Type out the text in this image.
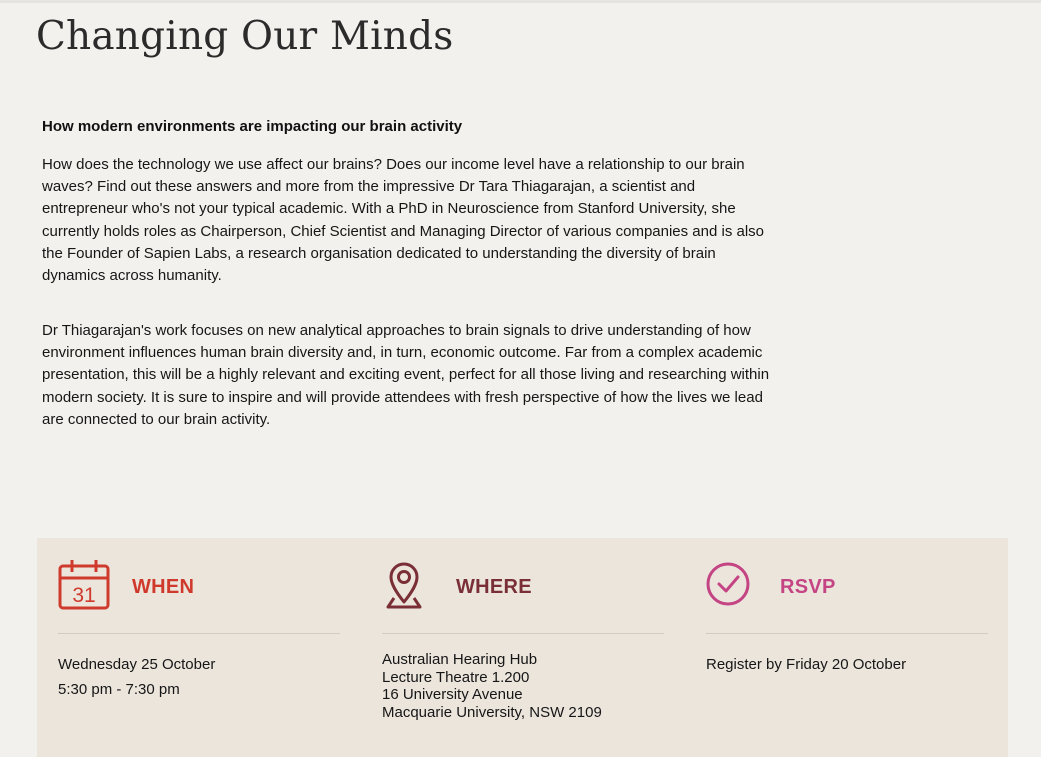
Changing Our Minds
How modern environments are impacting our brain activity

How does the technology we use affect our brains? Does our income level have a relationship to our brain waves? Find out these answers and more from the impressive Dr Tara Thiagarajan, a scientist and entrepreneur who's not your typical academic. With a PhD in Neuroscience from Stanford University, she currently holds roles as Chairperson, Chief Scientist and Managing Director of various companies and is also the Founder of Sapien Labs, a research organisation dedicated to understanding the diversity of brain dynamics across humanity.

Dr Thiagarajan's work focuses on new analytical approaches to brain signals to drive understanding of how environment influences human brain diversity and, in turn, economic outcome. Far from a complex academic presentation, this will be a highly relevant and exciting event, perfect for all those living and researching within modern society. It is sure to inspire and will provide attendees with fresh perspective of how the lives we lead are connected to our brain activity.

31 WHEN
Wednesday 25 October
5:30 pm - 7:30 pm
WHERE
Australian Hearing Hub
Lecture Theatre 1.200
16 University Avenue
Macquarie University, NSW 2109
RSVP
Register by Friday 20 October
